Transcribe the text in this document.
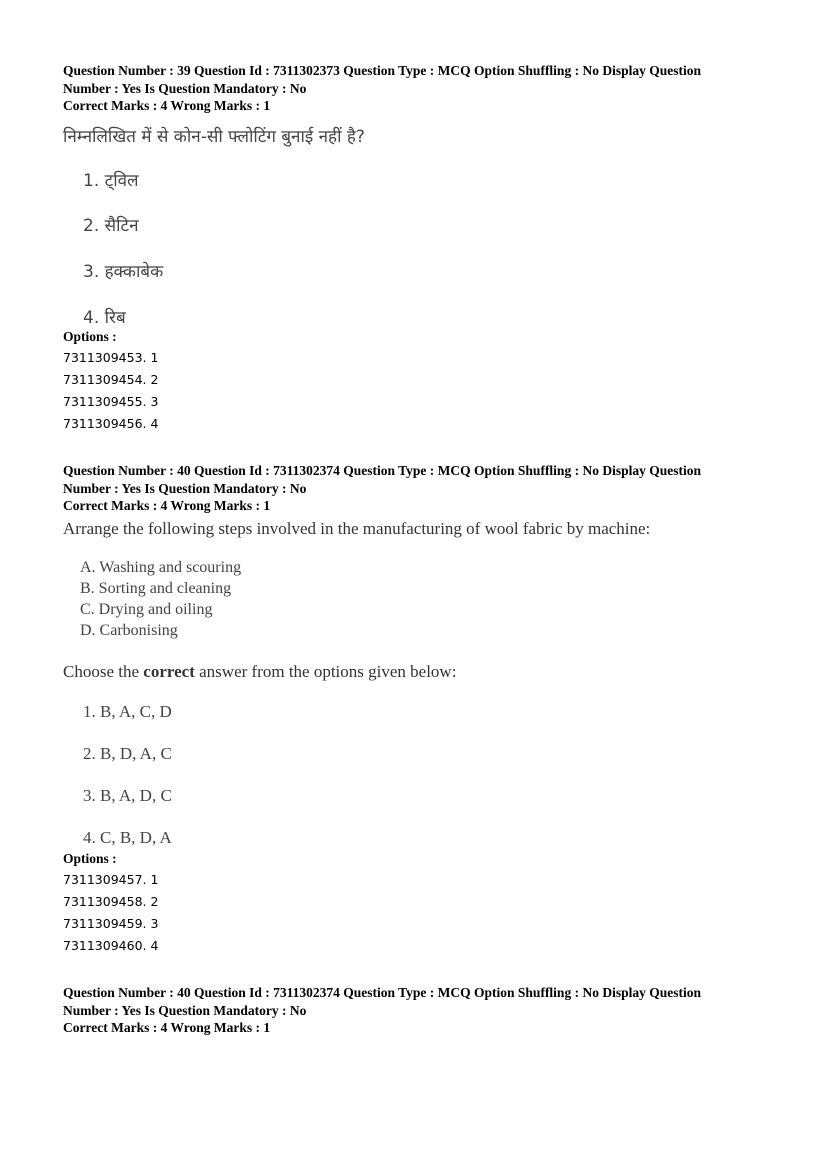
Question Number : 39 Question Id : 7311302373 Question Type : MCQ Option Shuffling : No Display Question

Number : Yes Is Question Mandatory : No

Correct Marks : 4 Wrong Marks : 1

निम्नलिखित में से कोन-सी फ्लोटिंग बुनाई नहीं है?
1. ट्विल
2. सैटिन
3. हक्काबेक
4. रिब
Options :
7311309453. 1
7311309454. 2
7311309455. 3
7311309456. 4

Question Number : 40 Question Id : 7311302374 Question Type : MCQ Option Shuffling : No Display Question

Number : Yes Is Question Mandatory : No

Correct Marks : 4 Wrong Marks : 1

Arrange the following steps involved in the manufacturing of wool fabric by machine:
A. Washing and scouring
B. Sorting and cleaning
C. Drying and oiling
D. Carbonising
Choose the correct answer from the options given below:
1. B, A, C, D
2. B, D, A, C
3. B, A, D, C
4. C, B, D, A
Options :
7311309457. 1
7311309458. 2
7311309459. 3
7311309460. 4

Question Number : 40 Question Id : 7311302374 Question Type : MCQ Option Shuffling : No Display Question

Number : Yes Is Question Mandatory : No

Correct Marks : 4 Wrong Marks : 1
